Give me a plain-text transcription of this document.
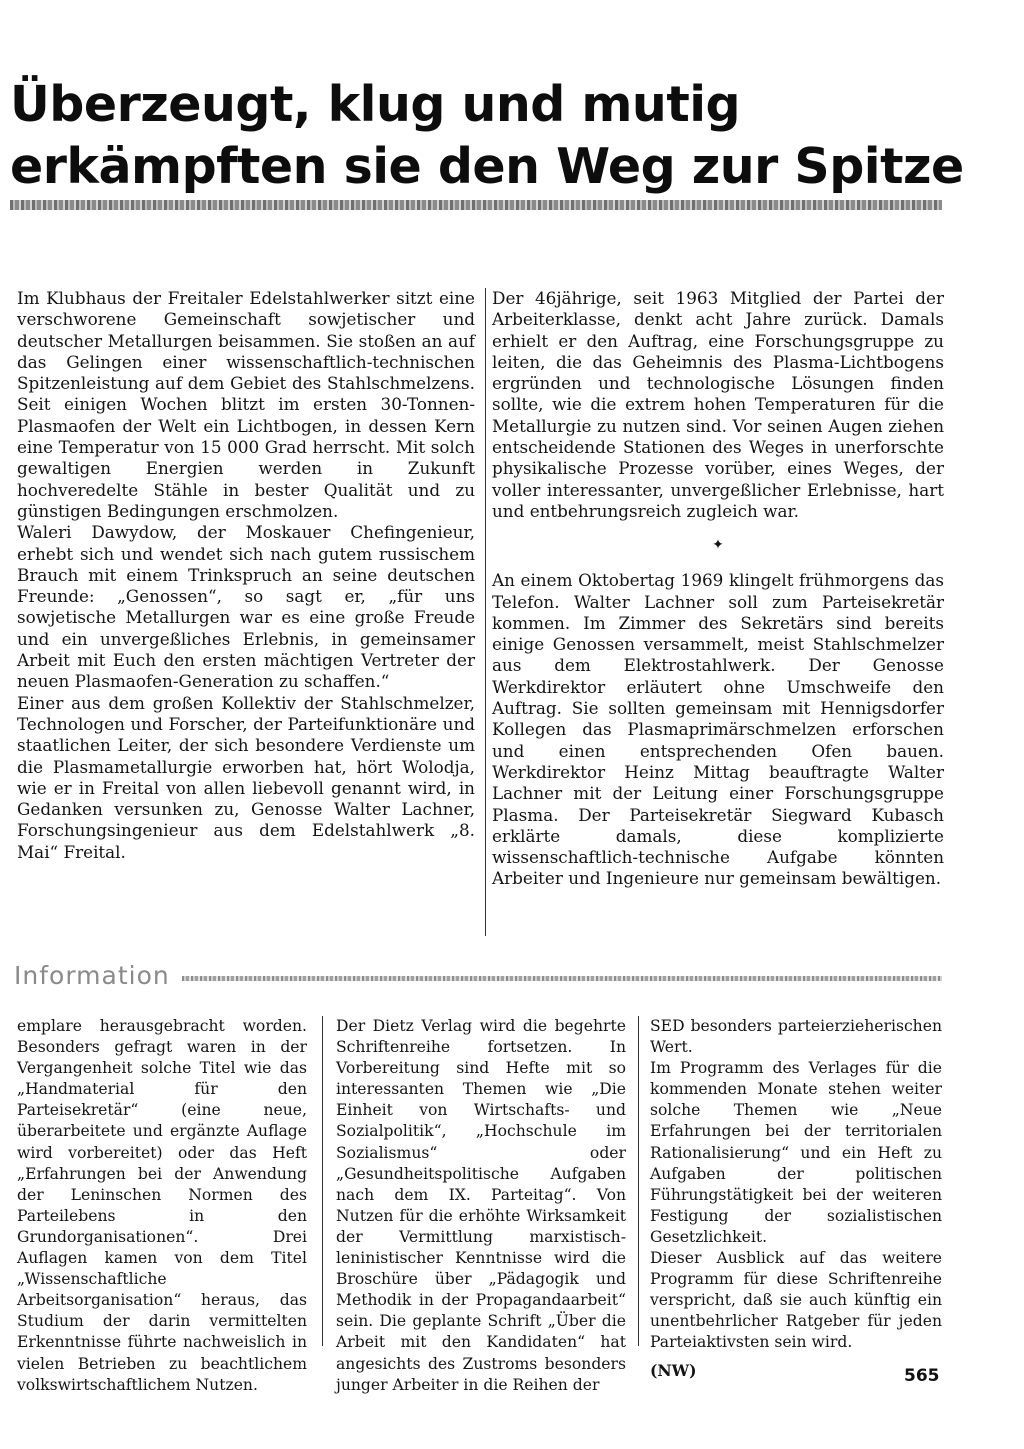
Überzeugt, klug und mutig
erkämpften sie den Weg zur Spitze

Im Klubhaus der Freitaler Edelstahlwerker sitzt eine verschworene Gemeinschaft sowjetischer und deutscher Metallurgen beisammen. Sie stoßen an auf das Gelingen einer wissenschaftlich-technischen Spitzenleistung auf dem Gebiet des Stahlschmelzens. Seit einigen Wochen blitzt im ersten 30-Tonnen-Plasmaofen der Welt ein Lichtbogen, in dessen Kern eine Temperatur von 15 000 Grad herrscht. Mit solch gewaltigen Energien werden in Zukunft hochveredelte Stähle in bester Qualität und zu günstigen Bedingungen erschmolzen.

Waleri Dawydow, der Moskauer Chefingenieur, erhebt sich und wendet sich nach gutem russischem Brauch mit einem Trinkspruch an seine deutschen Freunde: „Genossen“, so sagt er, „für uns sowjetische Metallurgen war es eine große Freude und ein unvergeßliches Erlebnis, in gemeinsamer Arbeit mit Euch den ersten mächtigen Vertreter der neuen Plasmaofen-Generation zu schaffen.“

Einer aus dem großen Kollektiv der Stahlschmelzer, Technologen und Forscher, der Parteifunktionäre und staatlichen Leiter, der sich besondere Verdienste um die Plasmametallurgie erworben hat, hört Wolodja, wie er in Freital von allen liebevoll genannt wird, in Gedanken versunken zu, Genosse Walter Lachner, Forschungsingenieur aus dem Edelstahlwerk „8. Mai“ Freital.

Der 46jährige, seit 1963 Mitglied der Partei der Arbeiterklasse, denkt acht Jahre zurück. Damals erhielt er den Auftrag, eine Forschungsgruppe zu leiten, die das Geheimnis des Plasma-Lichtbogens ergründen und technologische Lösungen finden sollte, wie die extrem hohen Temperaturen für die Metallurgie zu nutzen sind. Vor seinen Augen ziehen entscheidende Stationen des Weges in unerforschte physikalische Prozesse vorüber, eines Weges, der voller interessanter, unvergeßlicher Erlebnisse, hart und entbehrungsreich zugleich war.

✦

An einem Oktobertag 1969 klingelt frühmorgens das Telefon. Walter Lachner soll zum Parteisekretär kommen. Im Zimmer des Sekretärs sind bereits einige Genossen versammelt, meist Stahlschmelzer aus dem Elektrostahlwerk. Der Genosse Werkdirektor erläutert ohne Umschweife den Auftrag. Sie sollten gemeinsam mit Hennigsdorfer Kollegen das Plasmaprimärschmelzen erforschen und einen entsprechenden Ofen bauen. Werkdirektor Heinz Mittag beauftragte Walter Lachner mit der Leitung einer Forschungsgruppe Plasma. Der Parteisekretär Siegward Kubasch erklärte damals, diese komplizierte wissenschaftlich-technische Aufgabe könnten Arbeiter und Ingenieure nur gemeinsam bewältigen.

Information

emplare herausgebracht worden. Besonders gefragt waren in der Vergangenheit solche Titel wie das „Handmaterial für den Parteisekretär“ (eine neue, überarbeitete und ergänzte Auflage wird vorbereitet) oder das Heft „Erfahrungen bei der Anwendung der Leninschen Normen des Parteilebens in den Grundorganisationen“. Drei Auflagen kamen von dem Titel „Wissenschaftliche Arbeitsorganisation“ heraus, das Studium der darin vermittelten Erkenntnisse führte nachweislich in vielen Betrieben zu beachtlichem volkswirtschaftlichem Nutzen.

Der Dietz Verlag wird die begehrte Schriftenreihe fortsetzen. In Vorbereitung sind Hefte mit so interessanten Themen wie „Die Einheit von Wirtschafts- und Sozialpolitik“, „Hochschule im Sozialismus“ oder „Gesundheitspolitische Aufgaben nach dem IX. Parteitag“. Von Nutzen für die erhöhte Wirksamkeit der Vermittlung marxistisch-leninistischer Kenntnisse wird die Broschüre über „Pädagogik und Methodik in der Propagandaarbeit“ sein. Die geplante Schrift „Über die Arbeit mit den Kandidaten“ hat angesichts des Zustroms besonders junger Arbeiter in die Reihen der

SED besonders parteierzieherischen Wert.

Im Programm des Verlages für die kommenden Monate stehen weiter solche Themen wie „Neue Erfahrungen bei der territorialen Rationalisierung“ und ein Heft zu Aufgaben der politischen Führungstätigkeit bei der weiteren Festigung der sozialistischen Gesetzlichkeit.

Dieser Ausblick auf das weitere Programm für diese Schriftenreihe verspricht, daß sie auch künftig ein unentbehrlicher Ratgeber für jeden Parteiaktivsten sein wird.

(NW)	565
